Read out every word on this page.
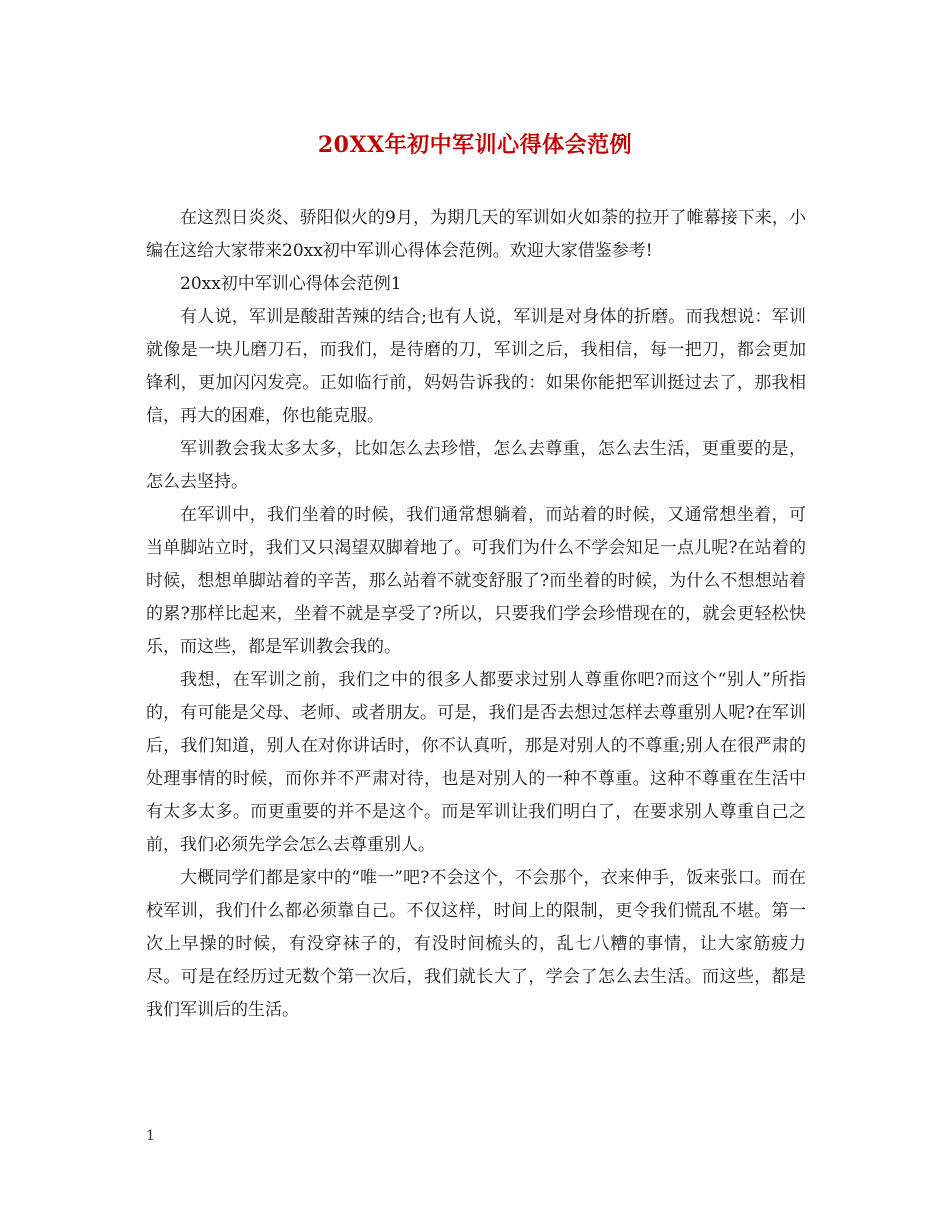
20XX年初中军训心得体会范例

在这烈日炎炎、骄阳似火的9月，为期几天的军训如火如荼的拉开了帷幕接下来，小编在这给大家带来20xx初中军训心得体会范例。欢迎大家借鉴参考!

20xx初中军训心得体会范例1

有人说，军训是酸甜苦辣的结合;也有人说，军训是对身体的折磨。而我想说：军训就像是一块儿磨刀石，而我们，是待磨的刀，军训之后，我相信，每一把刀，都会更加锋利，更加闪闪发亮。正如临行前，妈妈告诉我的：如果你能把军训挺过去了，那我相信，再大的困难，你也能克服。

军训教会我太多太多，比如怎么去珍惜，怎么去尊重，怎么去生活，更重要的是，怎么去坚持。

在军训中，我们坐着的时候，我们通常想躺着，而站着的时候，又通常想坐着，可当单脚站立时，我们又只渴望双脚着地了。可我们为什么不学会知足一点儿呢?在站着的时候，想想单脚站着的辛苦，那么站着不就变舒服了?而坐着的时候，为什么不想想站着的累?那样比起来，坐着不就是享受了?所以，只要我们学会珍惜现在的，就会更轻松快乐，而这些，都是军训教会我的。

我想，在军训之前，我们之中的很多人都要求过别人尊重你吧?而这个“别人”所指的，有可能是父母、老师、或者朋友。可是，我们是否去想过怎样去尊重别人呢?在军训后，我们知道，别人在对你讲话时，你不认真听，那是对别人的不尊重;别人在很严肃的处理事情的时候，而你并不严肃对待，也是对别人的一种不尊重。这种不尊重在生活中有太多太多。而更重要的并不是这个。而是军训让我们明白了，在要求别人尊重自己之前，我们必须先学会怎么去尊重别人。

大概同学们都是家中的“唯一”吧?不会这个，不会那个，衣来伸手，饭来张口。而在校军训，我们什么都必须靠自己。不仅这样，时间上的限制，更令我们慌乱不堪。第一次上早操的时候，有没穿袜子的，有没时间梳头的，乱七八糟的事情，让大家筋疲力尽。可是在经历过无数个第一次后，我们就长大了，学会了怎么去生活。而这些，都是我们军训后的生活。

1
